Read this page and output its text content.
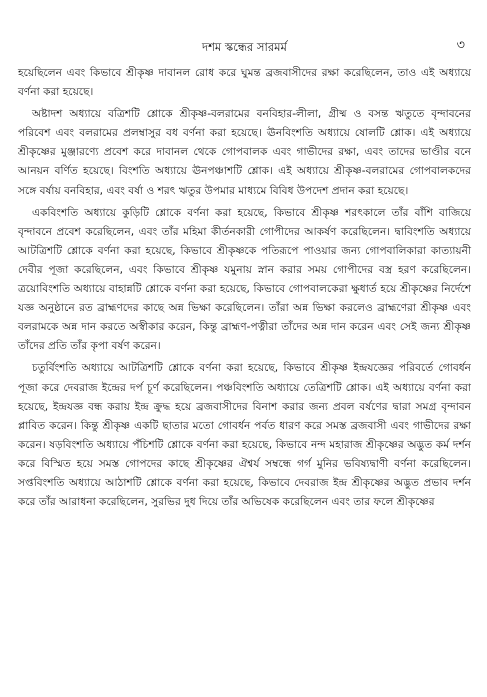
দশম স্কন্ধের সারমর্ম	৩

হয়েছিলেন এবং কিভাবে শ্রীকৃষ্ণ দাবানল রোধ করে ঘুমন্ত ব্রজবাসীদের রক্ষা করেছিলেন, তাও এই অধ্যায়ে বর্ণনা করা হয়েছে।

অষ্টাদশ অধ্যায়ে বত্রিশটি শ্লোকে শ্রীকৃষ্ণ-বলরামের বনবিহার-লীলা, গ্রীষ্ম ও বসন্ত ঋতুতে বৃন্দাবনের পরিবেশ এবং বলরামের প্রলম্বাসুর বধ বর্ণনা করা হয়েছে। ঊনবিংশতি অধ্যায়ে ষোলটি শ্লোক। এই অধ্যায়ে শ্রীকৃষ্ণের মুঞ্জারণ্যে প্রবেশ করে দাবানল থেকে গোপবালক এবং গাভীদের রক্ষা, এবং তাদের ভাণ্ডীর বনে আনয়ন বর্ণিত হয়েছে। বিংশতি অধ্যায়ে ঊনপঞ্চাশটি শ্লোক। এই অধ্যায়ে শ্রীকৃষ্ণ-বলরামের গোপবালকদের সঙ্গে বর্ষায় বনবিহার, এবং বর্ষা ও শরৎ ঋতুর উপমার মাধ্যমে বিবিধ উপদেশ প্রদান করা হয়েছে।

একবিংশতি অধ্যায়ে কুড়িটি শ্লোকে বর্ণনা করা হয়েছে, কিভাবে শ্রীকৃষ্ণ শরৎকালে তাঁর বাঁশি বাজিয়ে বৃন্দাবনে প্রবেশ করেছিলেন, এবং তাঁর মহিমা কীর্তনকারী গোপীদের আকর্ষণ করেছিলেন। দ্বাবিংশতি অধ্যায়ে আটত্রিশটি শ্লোকে বর্ণনা করা হয়েছে, কিভাবে শ্রীকৃষ্ণকে পতিরূপে পাওয়ার জন্য গোপবালিকারা কাত্যায়নী দেবীর পূজা করেছিলেন, এবং কিভাবে শ্রীকৃষ্ণ যমুনায় স্নান করার সময় গোপীদের বস্ত্র হরণ করেছিলেন। ত্রয়োবিংশতি অধ্যায়ে বাহান্নটি শ্লোকে বর্ণনা করা হয়েছে, কিভাবে গোপবালকেরা ক্ষুধার্ত হয়ে শ্রীকৃষ্ণের নির্দেশে যজ্ঞ অনুষ্ঠানে রত ব্রাহ্মণদের কাছে অন্ন ভিক্ষা করেছিলেন। তাঁরা অন্ন ভিক্ষা করলেও ব্রাহ্মণেরা শ্রীকৃষ্ণ এবং বলরামকে অন্ন দান করতে অস্বীকার করেন, কিন্তু ব্রাহ্মণ-পত্নীরা তাঁদের অন্ন দান করেন এবং সেই জন্য শ্রীকৃষ্ণ তাঁদের প্রতি তাঁর কৃপা বর্ষণ করেন।

চতুর্বিংশতি অধ্যায়ে আটত্রিশটি শ্লোকে বর্ণনা করা হয়েছে, কিভাবে শ্রীকৃষ্ণ ইন্দ্রযজ্ঞের পরিবর্তে গোবর্ধন পূজা করে দেবরাজ ইন্দ্রের দর্প চূর্ণ করেছিলেন। পঞ্চবিংশতি অধ্যায়ে তেত্রিশটি শ্লোক। এই অধ্যায়ে বর্ণনা করা হয়েছে, ইন্দ্রযজ্ঞ বন্ধ করায় ইন্দ্র ক্রুদ্ধ হয়ে ব্রজবাসীদের বিনাশ করার জন্য প্রবল বর্ষণের দ্বারা সমগ্র বৃন্দাবন প্লাবিত করেন। কিন্তু শ্রীকৃষ্ণ একটি ছাতার মতো গোবর্ধন পর্বত ধারণ করে সমস্ত ব্রজবাসী এবং গাভীদের রক্ষা করেন। ষড়বিংশতি অধ্যায়ে পঁচিশটি শ্লোকে বর্ণনা করা হয়েছে, কিভাবে নন্দ মহারাজ শ্রীকৃষ্ণের অদ্ভুত কর্ম দর্শন করে বিস্মিত হয়ে সমস্ত গোপদের কাছে শ্রীকৃষ্ণের ঐশ্বর্য সম্বন্ধে গর্গ মুনির ভবিষ্যদ্বাণী বর্ণনা করেছিলেন। সপ্তবিংশতি অধ্যায়ে আঠাশটি শ্লোকে বর্ণনা করা হয়েছে, কিভাবে দেবরাজ ইন্দ্র শ্রীকৃষ্ণের অদ্ভুত প্রভাব দর্শন করে তাঁর আরাধনা করেছিলেন, সুরভির দুধ দিয়ে তাঁর অভিষেক করেছিলেন এবং তার ফলে শ্রীকৃষ্ণের
